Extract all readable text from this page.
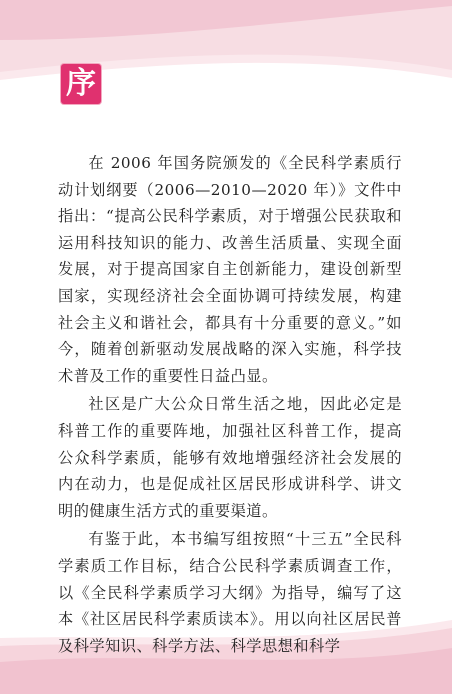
序

在 2006 年国务院颁发的《全民科学素质行动计划纲要（2006—2010—2020 年）》文件中指出：“提高公民科学素质，对于增强公民获取和运用科技知识的能力、改善生活质量、实现全面发展，对于提高国家自主创新能力，建设创新型国家，实现经济社会全面协调可持续发展，构建社会主义和谐社会，都具有十分重要的意义。”如今，随着创新驱动发展战略的深入实施，科学技术普及工作的重要性日益凸显。

社区是广大公众日常生活之地，因此必定是科普工作的重要阵地，加强社区科普工作，提高公众科学素质，能够有效地增强经济社会发展的内在动力，也是促成社区居民形成讲科学、讲文明的健康生活方式的重要渠道。

有鉴于此，本书编写组按照“十三五”全民科学素质工作目标，结合公民科学素质调查工作，以《全民科学素质学习大纲》为指导，编写了这本《社区居民科学素质读本》。用以向社区居民普及科学知识、科学方法、科学思想和科学
